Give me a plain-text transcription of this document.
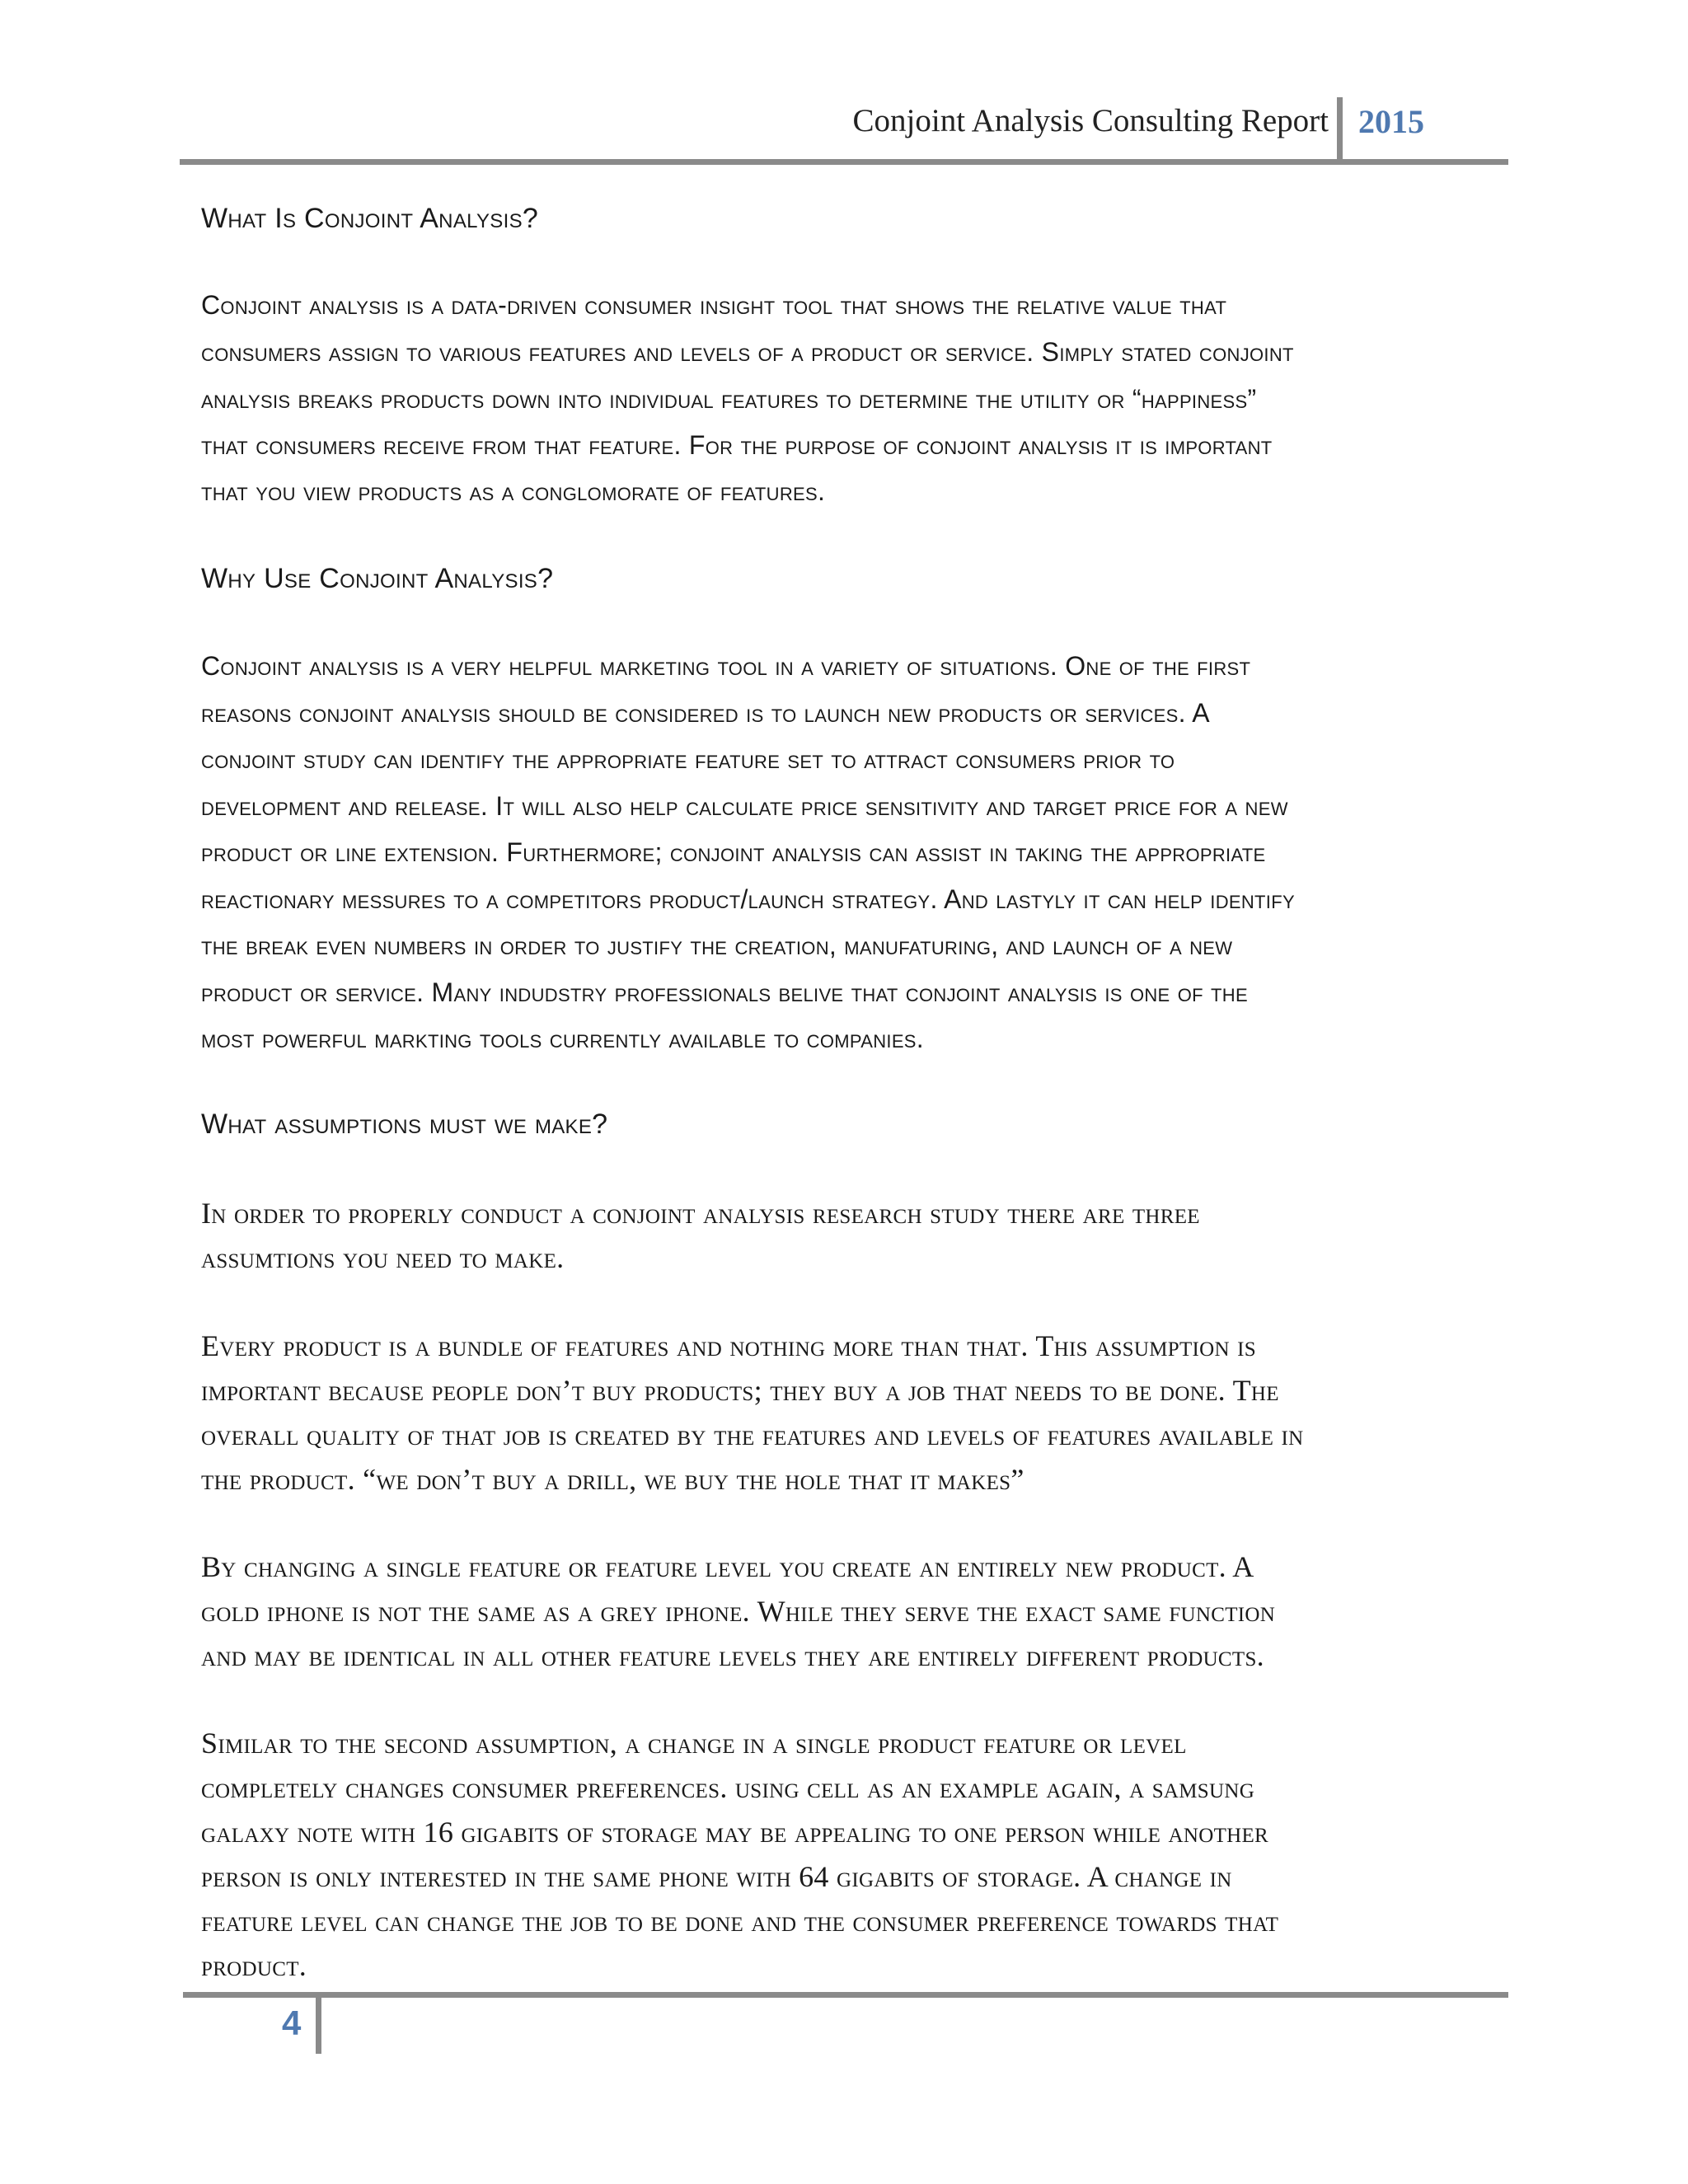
Conjoint Analysis Consulting Report 2015

What Is Conjoint Analysis?

Conjoint analysis is a data-driven consumer insight tool that shows the relative value that

consumers assign to various features and levels of a product or service. Simply stated conjoint

analysis breaks products down into individual features to determine the utility or “happiness”

that consumers receive from that feature. For the purpose of conjoint analysis it is important

that you view products as a conglomorate of features.

Why Use Conjoint Analysis?

Conjoint analysis is a very helpful marketing tool in a variety of situations. One of the first

reasons conjoint analysis should be considered is to launch new products or services. A

conjoint study can identify the appropriate feature set to attract consumers prior to

development and release. It will also help calculate price sensitivity and target price for a new

product or line extension. Furthermore; conjoint analysis can assist in taking the appropriate

reactionary messures to a competitors product/launch strategy. And lastyly it can help identify

the break even numbers in order to justify the creation, manufaturing, and launch of a new

product or service. Many indudstry professionals belive that conjoint analysis is one of the

most powerful markting tools currently available to companies.

What assumptions must we make?

In order to properly conduct a conjoint analysis research study there are three

assumtions you need to make.

Every product is a bundle of features and nothing more than that. This assumption is

important because people don’t buy products; they buy a job that needs to be done. The

overall quality of that job is created by the features and levels of features available in

the product. “we don’t buy a drill, we buy the hole that it makes”

By changing a single feature or feature level you create an entirely new product. A

gold iphone is not the same as a grey iphone. While they serve the exact same function

and may be identical in all other feature levels they are entirely different products.

Similar to the second assumption, a change in a single product feature or level

completely changes consumer preferences. using cell as an example again, a samsung

galaxy note with 16 gigabits of storage may be appealing to one person while another

person is only interested in the same phone with 64 gigabits of storage. A change in

feature level can change the job to be done and the consumer preference towards that

product.

4
